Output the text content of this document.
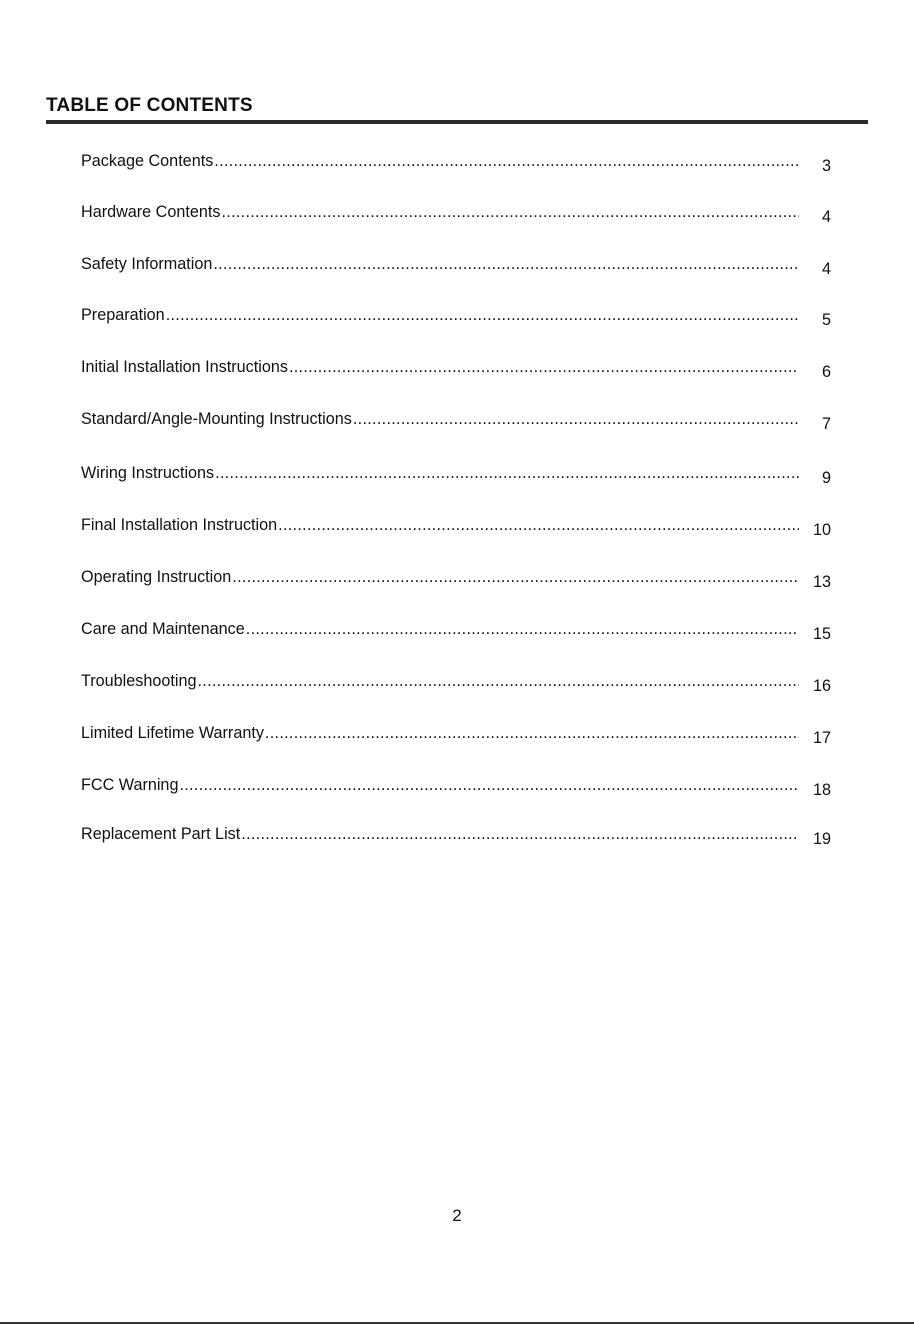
TABLE OF CONTENTS
Package Contents .....	3
Hardware Contents .....	4
Safety Information .....	4
Preparation .....	5
Initial Installation Instructions .....	6
Standard/Angle-Mounting Instructions .....	7
Wiring Instructions .....	9
Final Installation Instruction .....	10
Operating Instruction .....	13
Care and Maintenance .....	15
Troubleshooting .....	16
Limited Lifetime Warranty .....	17
FCC Warning .....	18
Replacement Part List .....	19
2
